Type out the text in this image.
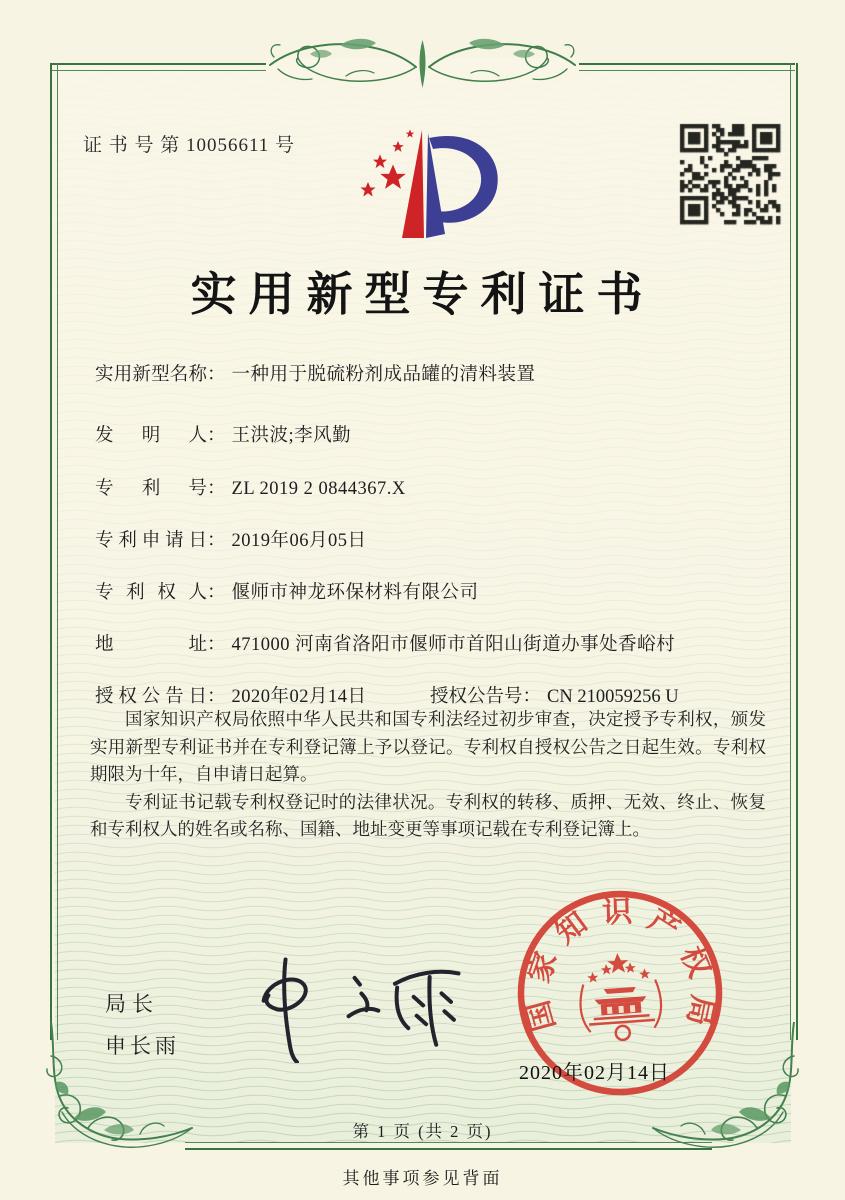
证 书 号 第 10056611 号
实用新型专利证书
实用新型名称： 一种用于脱硫粉剂成品罐的清料装置
发明人： 王洪波;李风勤
专利号： ZL 2019 2 0844367.X
专利申请日： 2019年06月05日
专利权人： 偃师市神龙环保材料有限公司
地址： 471000 河南省洛阳市偃师市首阳山街道办事处香峪村
授权公告日： 2020年02月14日	授权公告号： CN 210059256 U

国家知识产权局依照中华人民共和国专利法经过初步审查，决定授予专利权，颁发实用新型专利证书并在专利登记簿上予以登记。专利权自授权公告之日起生效。专利权期限为十年，自申请日起算。

专利证书记载专利权登记时的法律状况。专利权的转移、质押、无效、终止、恢复和专利权人的姓名或名称、国籍、地址变更等事项记载在专利登记簿上。

局长
申长雨
国家知识产权局
2020年02月14日
第 1 页 (共 2 页)
其他事项参见背面
